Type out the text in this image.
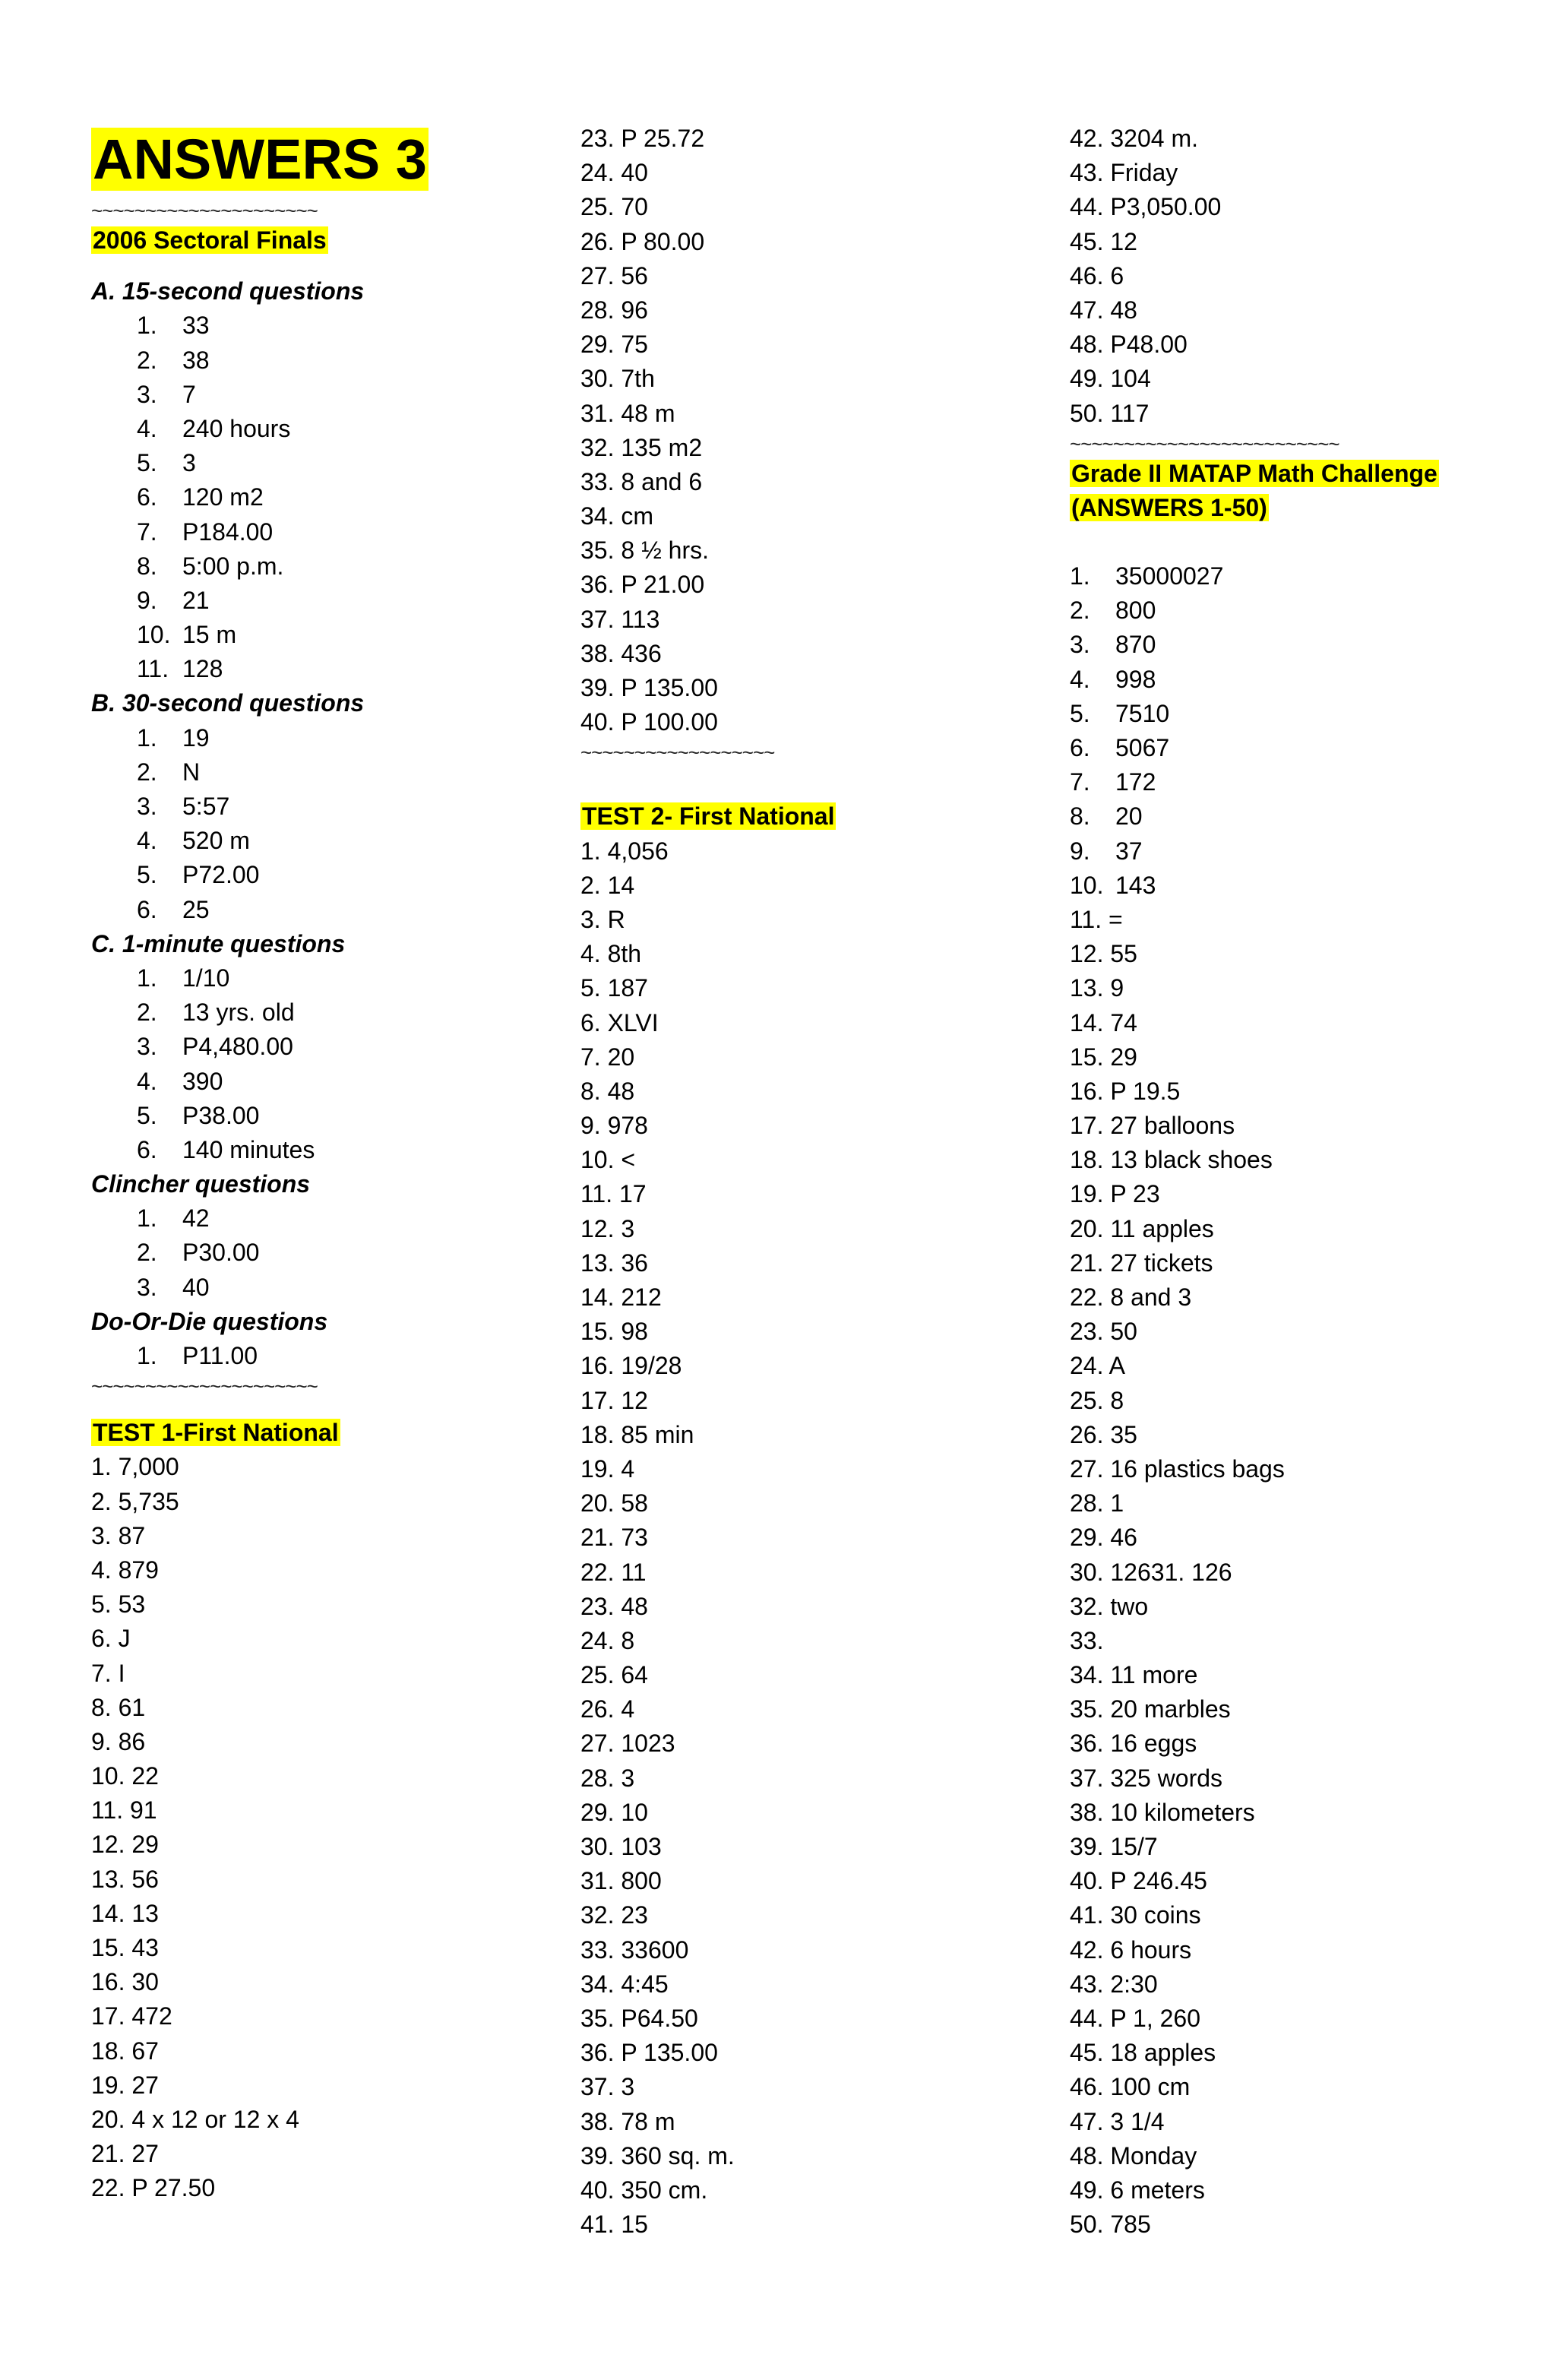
ANSWERS 3
~~~~~~~~~~~~~~~~~~~~~
2006 Sectoral Finals
A. 15-second questions
1. 33
2. 38
3. 7
4. 240 hours
5. 3
6. 120 m2
7. P184.00
8. 5:00 p.m.
9. 21
10. 15 m
11. 128
B. 30-second questions
1. 19
2. N
3. 5:57
4. 520 m
5. P72.00
6. 25
C. 1-minute questions
1. 1/10
2. 13 yrs. old
3. P4,480.00
4. 390
5. P38.00
6. 140 minutes
Clincher questions
1. 42
2. P30.00
3. 40
Do-Or-Die questions
1. P11.00
~~~~~~~~~~~~~~~~~~~~~
TEST 1-First National
1. 7,000
2. 5,735
3. 87
4. 879
5. 53
6. J
7. I
8. 61
9. 86
10. 22
11. 91
12. 29
13. 56
14. 13
15. 43
16. 30
17. 472
18. 67
19. 27
20. 4 x 12 or 12 x 4
21. 27
22. P 27.50
23. P 25.72
24. 40
25. 70
26. P 80.00
27. 56
28. 96
29. 75
30. 7th
31. 48 m
32. 135 m2
33. 8 and 6
34. cm
35. 8 ½ hrs.
36. P 21.00
37. 113
38. 436
39. P 135.00
40. P 100.00
~~~~~~~~~~~~~~~~~~
TEST 2- First National
1. 4,056
2. 14
3. R
4. 8th
5. 187
6. XLVI
7. 20
8. 48
9. 978
10. <
11. 17
12. 3
13. 36
14. 212
15. 98
16. 19/28
17. 12
18. 85 min
19. 4
20. 58
21. 73
22. 11
23. 48
24. 8
25. 64
26. 4
27. 1023
28. 3
29. 10
30. 103
31. 800
32. 23
33. 33600
34. 4:45
35. P64.50
36. P 135.00
37. 3
38. 78 m
39. 360 sq. m.
40. 350 cm.
41. 15
42. 3204 m.
43. Friday
44. P3,050.00
45. 12
46. 6
47. 48
48. P48.00
49. 104
50. 117
~~~~~~~~~~~~~~~~~~~~~~~~~
Grade II MATAP Math Challenge
(ANSWERS 1-50)
1. 35000027
2. 800
3. 870
4. 998
5. 7510
6. 5067
7. 172
8. 20
9. 37
10. 143
11. =
12. 55
13. 9
14. 74
15. 29
16. P 19.5
17. 27 balloons
18. 13 black shoes
19. P 23
20. 11 apples
21. 27 tickets
22. 8 and 3
23. 50
24. A
25. 8
26. 35
27. 16 plastics bags
28. 1
29. 46
30. 12631. 126
32. two
33.
34. 11 more
35. 20 marbles
36. 16 eggs
37. 325 words
38. 10 kilometers
39. 15/7
40. P 246.45
41. 30 coins
42. 6 hours
43. 2:30
44. P 1, 260
45. 18 apples
46. 100 cm
47. 3 1/4
48. Monday
49. 6 meters
50. 785
